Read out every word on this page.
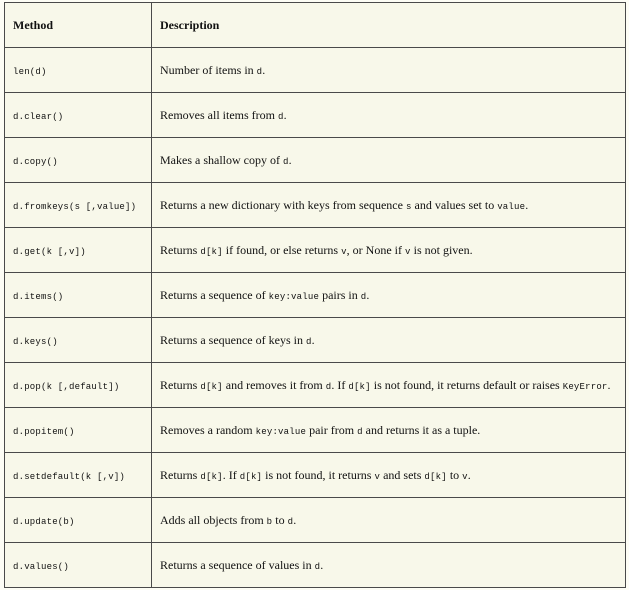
Method	Description
len(d)	Number of items in d.
d.clear()	Removes all items from d.
d.copy()	Makes a shallow copy of d.
d.fromkeys(s [,value])	Returns a new dictionary with keys from sequence s and values set to value.
d.get(k [,v])	Returns d[k] if found, or else returns v, or None if v is not given.
d.items()	Returns a sequence of key:value pairs in d.
d.keys()	Returns a sequence of keys in d.
d.pop(k [,default])	Returns d[k] and removes it from d. If d[k] is not found, it returns default or raises KeyError.
d.popitem()	Removes a random key:value pair from d and returns it as a tuple.
d.setdefault(k [,v])	Returns d[k]. If d[k] is not found, it returns v and sets d[k] to v.
d.update(b)	Adds all objects from b to d.
d.values()	Returns a sequence of values in d.
